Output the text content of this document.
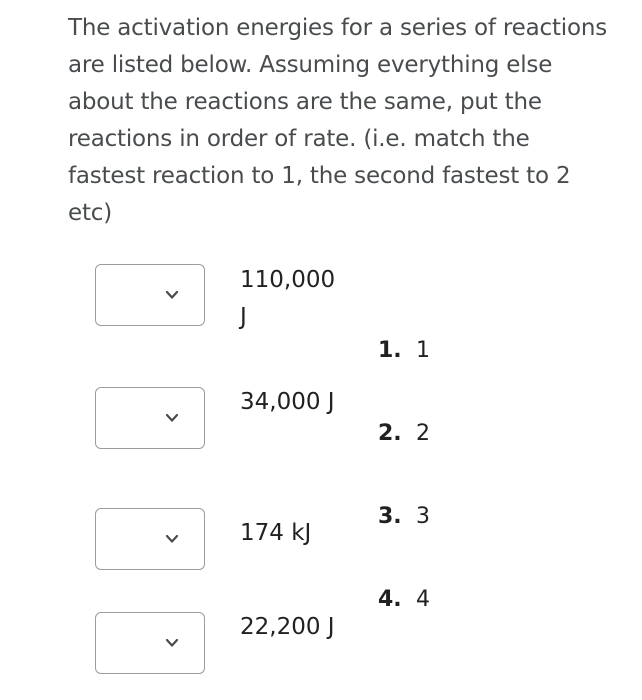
The activation energies for a series of reactions are listed below. Assuming everything else about the reactions are the same, put the reactions in order of rate. (i.e. match the fastest reaction to 1, the second fastest to 2 etc)
110,000 J
34,000 J
174 kJ
22,200 J
1. 1
2. 2
3. 3
4. 4
